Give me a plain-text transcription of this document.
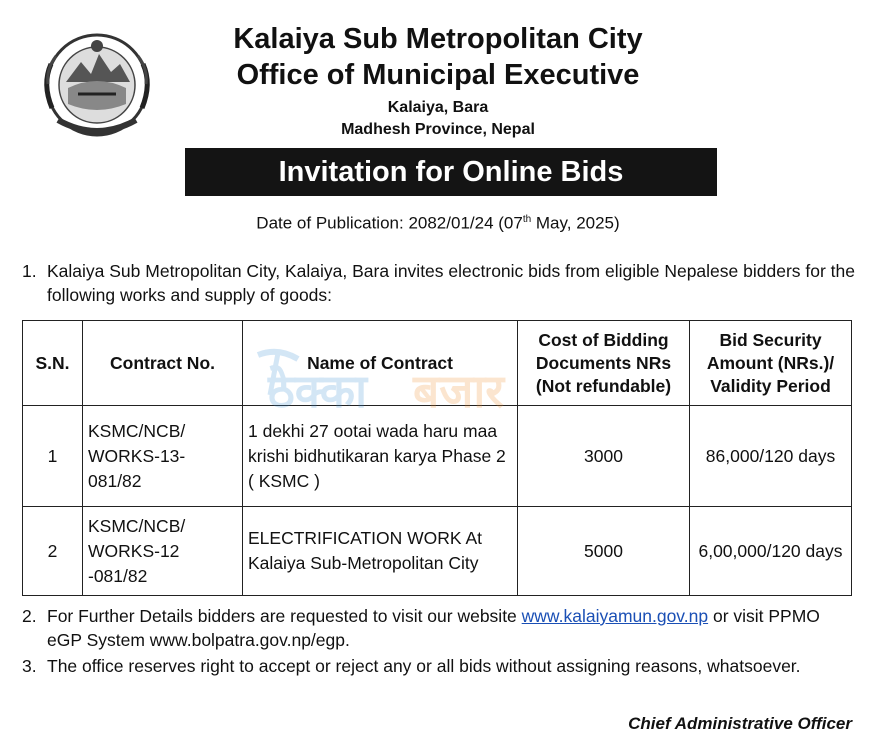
Kalaiya Sub Metropolitan City
Office of Municipal Executive
Kalaiya, Bara
Madhesh Province, Nepal
Invitation for Online Bids
Date of Publication: 2082/01/24 (07th May, 2025)
1. Kalaiya Sub Metropolitan City, Kalaiya, Bara invites electronic bids from eligible Nepalese bidders for the following works and supply of goods:
S.N.	Contract No.	Name of Contract	Cost of Bidding Documents NRs (Not refundable)	Bid Security Amount (NRs.)/ Validity Period
1	KSMC/NCB/ WORKS-13-081/82	1 dekhi 27 ootai wada haru maa krishi bidhutikaran karya Phase 2 ( KSMC )	3000	86,000/120 days
2	KSMC/NCB/ WORKS-12 -081/82	ELECTRIFICATION WORK At Kalaiya Sub-Metropolitan City	5000	6,00,000/120 days
ठेक्का बजार
2. For Further Details bidders are requested to visit our website www.kalaiyamun.gov.np or visit PPMO eGP System www.bolpatra.gov.np/egp.
3. The office reserves right to accept or reject any or all bids without assigning reasons, whatsoever.
Chief Administrative Officer
